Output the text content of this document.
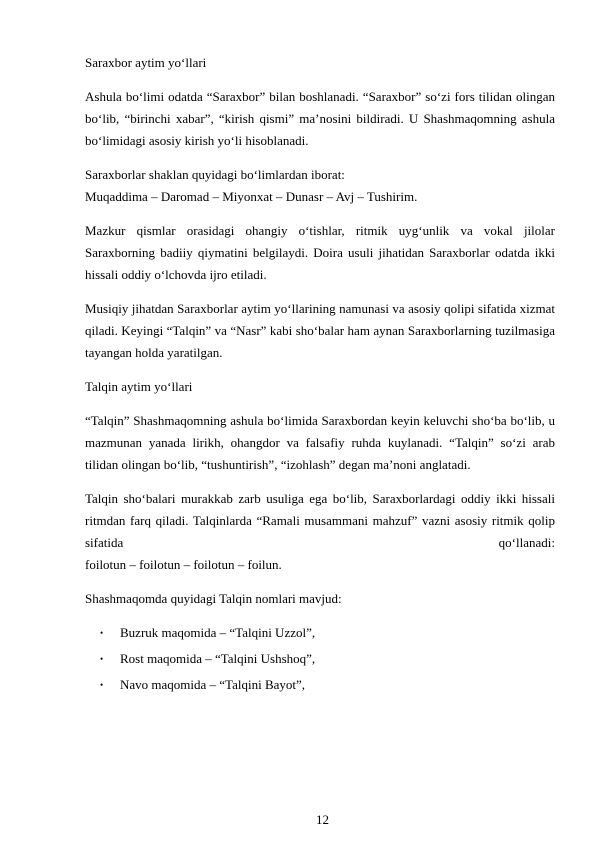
Saraxbor aytim yo‘llari

Ashula bo‘limi odatda “Saraxbor” bilan boshlanadi. “Saraxbor” so‘zi fors tilidan olingan bo‘lib, “birinchi xabar”, “kirish qismi” ma’nosini bildiradi. U Shashmaqomning ashula bo‘limidagi asosiy kirish yo‘li hisoblanadi.

Saraxborlar shaklan quyidagi bo‘limlardan iborat:
Muqaddima – Daromad – Miyonxat – Dunasr – Avj – Tushirim.

Mazkur qismlar orasidagi ohangiy o‘tishlar, ritmik uyg‘unlik va vokal jilolar Saraxborning badiiy qiymatini belgilaydi. Doira usuli jihatidan Saraxborlar odatda ikki hissali oddiy o‘lchovda ijro etiladi.

Musiqiy jihatdan Saraxborlar aytim yo‘llarining namunasi va asosiy qolipi sifatida xizmat qiladi. Keyingi “Talqin” va “Nasr” kabi sho‘balar ham aynan Saraxborlarning tuzilmasiga tayangan holda yaratilgan.

Talqin aytim yo‘llari

“Talqin” Shashmaqomning ashula bo‘limida Saraxbordan keyin keluvchi sho‘ba bo‘lib, u mazmunan yanada lirikh, ohangdor va falsafiy ruhda kuylanadi. “Talqin” so‘zi arab tilidan olingan bo‘lib, “tushuntirish”, “izohlash” degan ma’noni anglatadi.

Talqin sho‘balari murakkab zarb usuliga ega bo‘lib, Saraxborlardagi oddiy ikki hissali ritmdan farq qiladi. Talqinlarda “Ramali musammani mahzuf” vazni asosiy ritmik qolip sifatida qo‘llanadi:
foilotun – foilotun – foilotun – foilun.

Shashmaqomda quyidagi Talqin nomlari mavjud:

• Buzruk maqomida – “Talqini Uzzol”,
• Rost maqomida – “Talqini Ushshoq”,
• Navo maqomida – “Talqini Bayot”,
12
